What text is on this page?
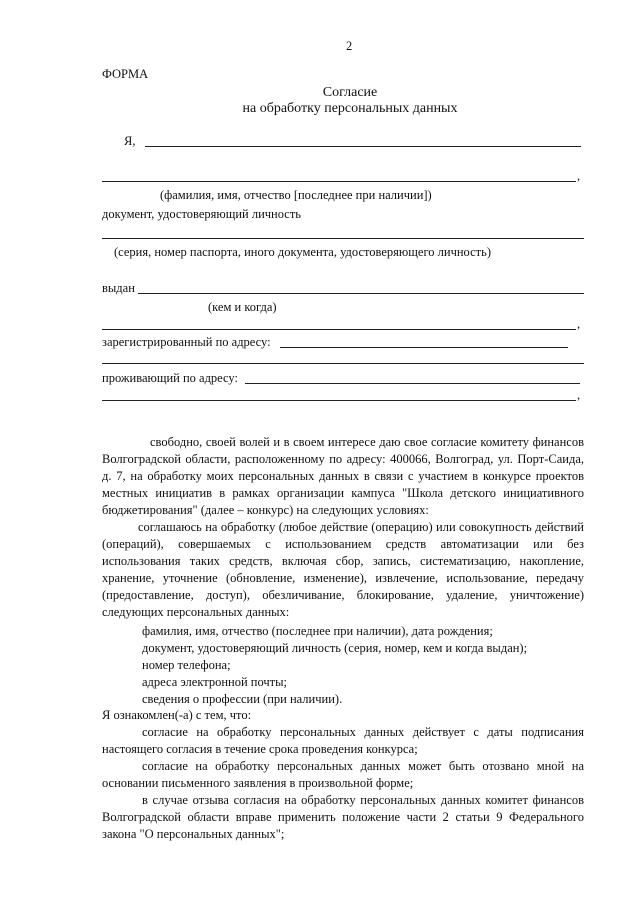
2
ФОРМА
Согласие
на обработку персональных данных
Я,
,
(фамилия, имя, отчество [последнее при наличии])
документ, удостоверяющий личность
(серия, номер паспорта, иного документа, удостоверяющего личность)
выдан
(кем и когда)
,
зарегистрированный по адресу:
проживающий по адресу:
,

свободно, своей волей и в своем интересе даю свое согласие комитету финансов Волгоградской области, расположенному по адресу: 400066, Волгоград, ул. Порт-Саида, д. 7, на обработку моих персональных данных в связи с участием в конкурсе проектов местных инициатив в рамках организации кампуса "Школа детского инициативного бюджетирования" (далее – конкурс) на следующих условиях:

соглашаюсь на обработку (любое действие (операцию) или совокупность действий (операций), совершаемых с использованием средств автоматизации или без использования таких средств, включая сбор, запись, систематизацию, накопление, хранение, уточнение (обновление, изменение), извлечение, использование, передачу (предоставление, доступ), обезличивание, блокирование, удаление, уничтожение) следующих персональных данных:

фамилия, имя, отчество (последнее при наличии), дата рождения;

документ, удостоверяющий личность (серия, номер, кем и когда выдан);

номер телефона;

адреса электронной почты;

сведения о профессии (при наличии).

Я ознакомлен(-а) с тем, что:

согласие на обработку персональных данных действует с даты подписания настоящего согласия в течение срока проведения конкурса;

согласие на обработку персональных данных может быть отозвано мной на основании письменного заявления в произвольной форме;

в случае отзыва согласия на обработку персональных данных комитет финансов Волгоградской области вправе применить положение части 2 статьи 9 Федерального закона "О персональных данных";
